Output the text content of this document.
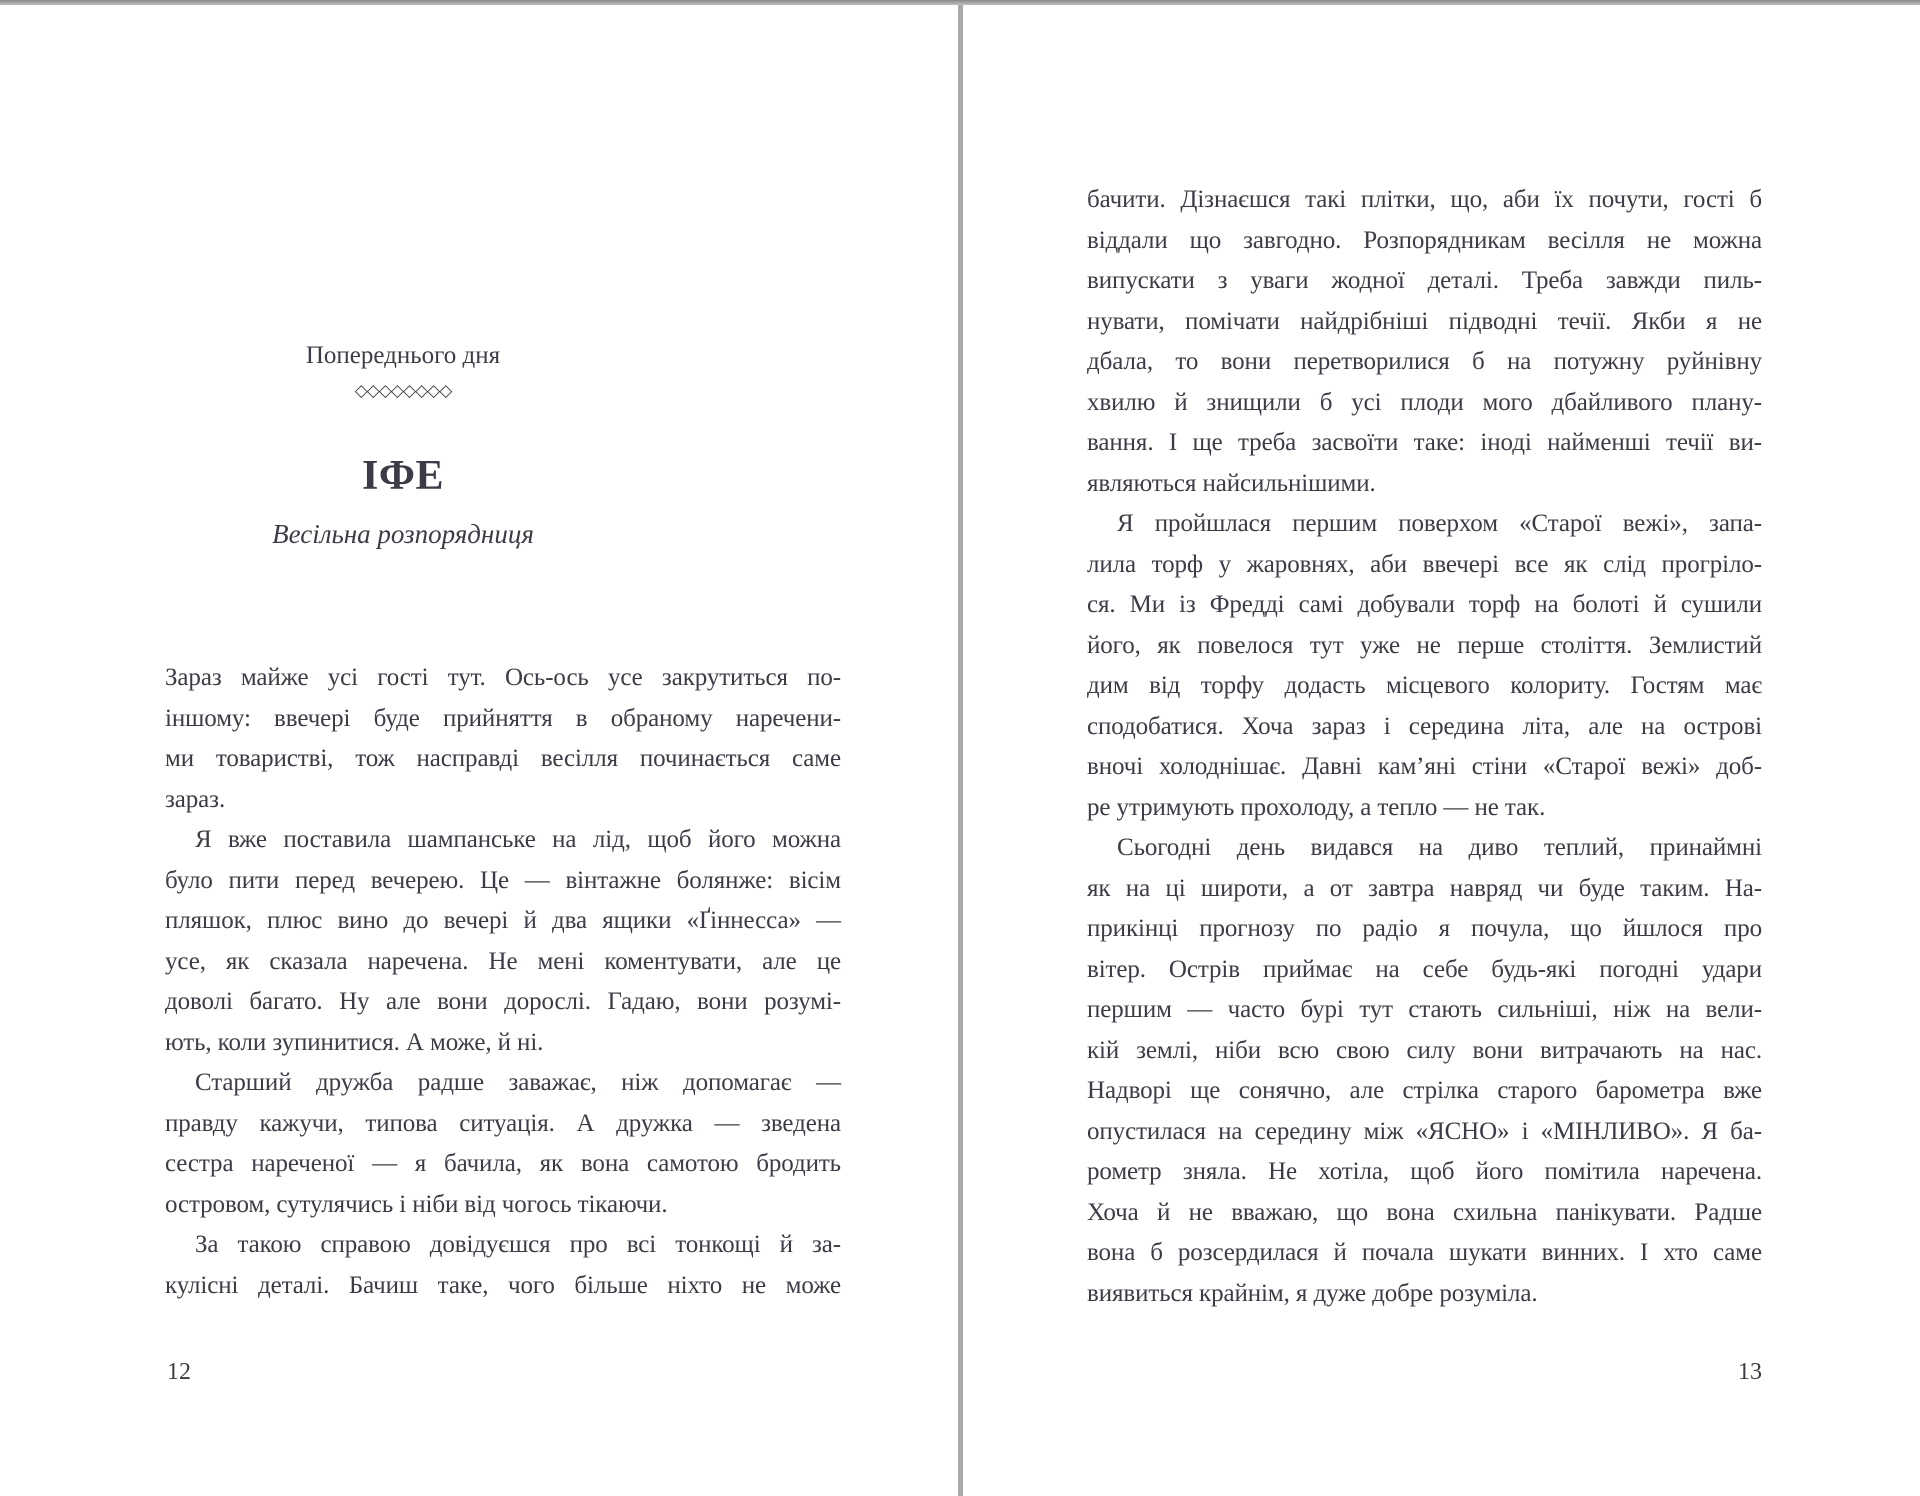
Попереднього дня
◇◇◇◇◇◇◇◇
ІФЕ
Весільна розпорядниця
Зараз майже усі гості тут. Ось-ось усе закрутиться по-
іншому: ввечері буде прийняття в обраному наречени-
ми товаристві, тож насправді весілля починається саме
зараз.
Я вже поставила шампанське на лід, щоб його можна
було пити перед вечерею. Це — вінтажне болянже: вісім
пляшок, плюс вино до вечері й два ящики «Ґіннесса» —
усе, як сказала наречена. Не мені коментувати, але це
доволі багато. Ну але вони дорослі. Гадаю, вони розумі-
ють, коли зупинитися. А може, й ні.
Старший дружба радше заважає, ніж допомагає —
правду кажучи, типова ситуація. А дружка — зведена
сестра нареченої — я бачила, як вона самотою бродить
островом, сутулячись і ніби від чогось тікаючи.
За такою справою довідуєшся про всі тонкощі й за-
кулісні деталі. Бачиш таке, чого більше ніхто не може
12
бачити. Дізнаєшся такі плітки, що, аби їх почути, гості б
віддали що завгодно. Розпорядникам весілля не можна
випускати з уваги жодної деталі. Треба завжди пиль-
нувати, помічати найдрібніші підводні течії. Якби я не
дбала, то вони перетворилися б на потужну руйнівну
хвилю й знищили б усі плоди мого дбайливого плану-
вання. І ще треба засвоїти таке: іноді найменші течії ви-
являються найсильнішими.
Я пройшлася першим поверхом «Старої вежі», запа-
лила торф у жаровнях, аби ввечері все як слід прогріло-
ся. Ми із Фредді самі добували торф на болоті й сушили
його, як повелося тут уже не перше століття. Землистий
дим від торфу додасть місцевого колориту. Гостям має
сподобатися. Хоча зараз і середина літа, але на острові
вночі холоднішає. Давні кам’яні стіни «Старої вежі» доб-
ре утримують прохолоду, а тепло — не так.
Сьогодні день видався на диво теплий, принаймні
як на ці широти, а от завтра навряд чи буде таким. На-
прикінці прогнозу по радіо я почула, що йшлося про
вітер. Острів приймає на себе будь-які погодні удари
першим — часто бурі тут стають сильніші, ніж на вели-
кій землі, ніби всю свою силу вони витрачають на нас.
Надворі ще сонячно, але стрілка старого барометра вже
опустилася на середину між «ЯСНО» і «МІНЛИВО». Я ба-
рометр зняла. Не хотіла, щоб його помітила наречена.
Хоча й не вважаю, що вона схильна панікувати. Радше
вона б розсердилася й почала шукати винних. І хто саме
виявиться крайнім, я дуже добре розуміла.
13
